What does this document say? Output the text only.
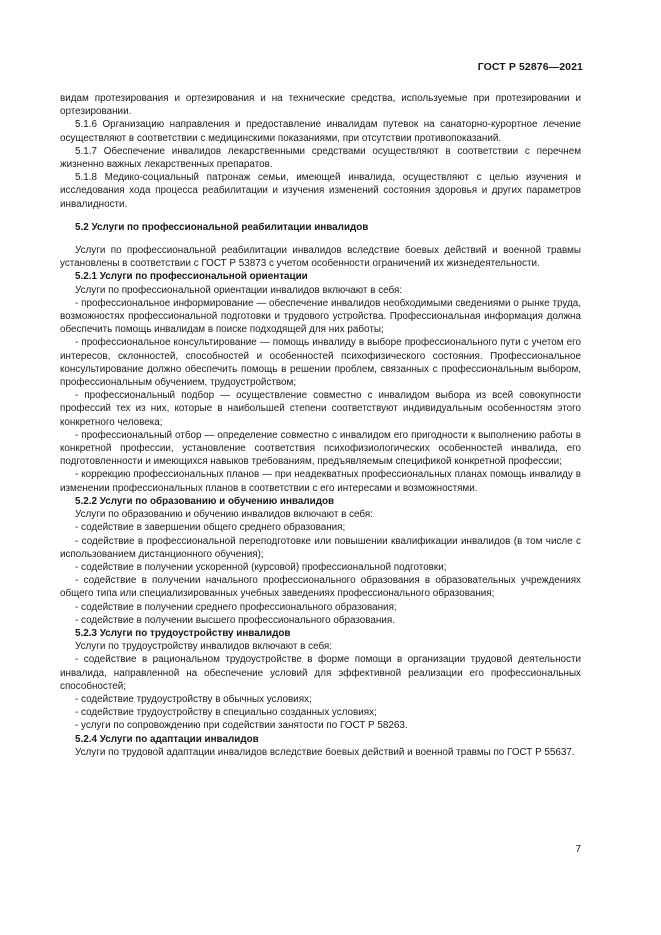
ГОСТ Р 52876—2021

видам протезирования и ортезирования и на технические средства, используемые при протезировании и ортезировании.

5.1.6 Организацию направления и предоставление инвалидам путевок на санаторно-курортное лечение осуществляют в соответствии с медицинскими показаниями, при отсутствии противопоказаний.

5.1.7 Обеспечение инвалидов лекарственными средствами осуществляют в соответствии с перечнем жизненно важных лекарственных препаратов.

5.1.8 Медико-социальный патронаж семьи, имеющей инвалида, осуществляют с целью изучения и исследования хода процесса реабилитации и изучения изменений состояния здоровья и других параметров инвалидности.

5.2 Услуги по профессиональной реабилитации инвалидов

Услуги по профессиональной реабилитации инвалидов вследствие боевых действий и военной травмы установлены в соответствии с ГОСТ Р 53873 с учетом особенности ограничений их жизнедеятельности.

5.2.1 Услуги по профессиональной ориентации

Услуги по профессиональной ориентации инвалидов включают в себя:

- профессиональное информирование — обеспечение инвалидов необходимыми сведениями о рынке труда, возможностях профессиональной подготовки и трудового устройства. Профессиональная информация должна обеспечить помощь инвалидам в поиске подходящей для них работы;

- профессиональное консультирование — помощь инвалиду в выборе профессионального пути с учетом его интересов, склонностей, способностей и особенностей психофизического состояния. Профессиональное консультирование должно обеспечить помощь в решении проблем, связанных с профессиональным выбором, профессиональным обучением, трудоустройством;

- профессиональный подбор — осуществление совместно с инвалидом выбора из всей совокупности профессий тех из них, которые в наибольшей степени соответствуют индивидуальным особенностям этого конкретного человека;

- профессиональный отбор — определение совместно с инвалидом его пригодности к выполнению работы в конкретной профессии, установление соответствия психофизиологических особенностей инвалида, его подготовленности и имеющихся навыков требованиям, предъявляемым спецификой конкретной профессии;

- коррекцию профессиональных планов — при неадекватных профессиональных планах помощь инвалиду в изменении профессиональных планов в соответствии с его интересами и возможностями.

5.2.2 Услуги по образованию и обучению инвалидов

Услуги по образованию и обучению инвалидов включают в себя:

- содействие в завершении общего среднего образования;

- содействие в профессиональной переподготовке или повышении квалификации инвалидов (в том числе с использованием дистанционного обучения);

- содействие в получении ускоренной (курсовой) профессиональной подготовки;

- содействие в получении начального профессионального образования в образовательных учреждениях общего типа или специализированных учебных заведениях профессионального образования;

- содействие в получении среднего профессионального образования;

- содействие в получении высшего профессионального образования.

5.2.3 Услуги по трудоустройству инвалидов

Услуги по трудоустройству инвалидов включают в себя:

- содействие в рациональном трудоустройстве в форме помощи в организации трудовой деятельности инвалида, направленной на обеспечение условий для эффективной реализации его профессиональных способностей;

- содействие трудоустройству в обычных условиях;

- содействие трудоустройству в специально созданных условиях;

- услуги по сопровождению при содействии занятости по ГОСТ Р 58263.

5.2.4 Услуги по адаптации инвалидов

Услуги по трудовой адаптации инвалидов вследствие боевых действий и военной травмы по ГОСТ Р 55637.

7
